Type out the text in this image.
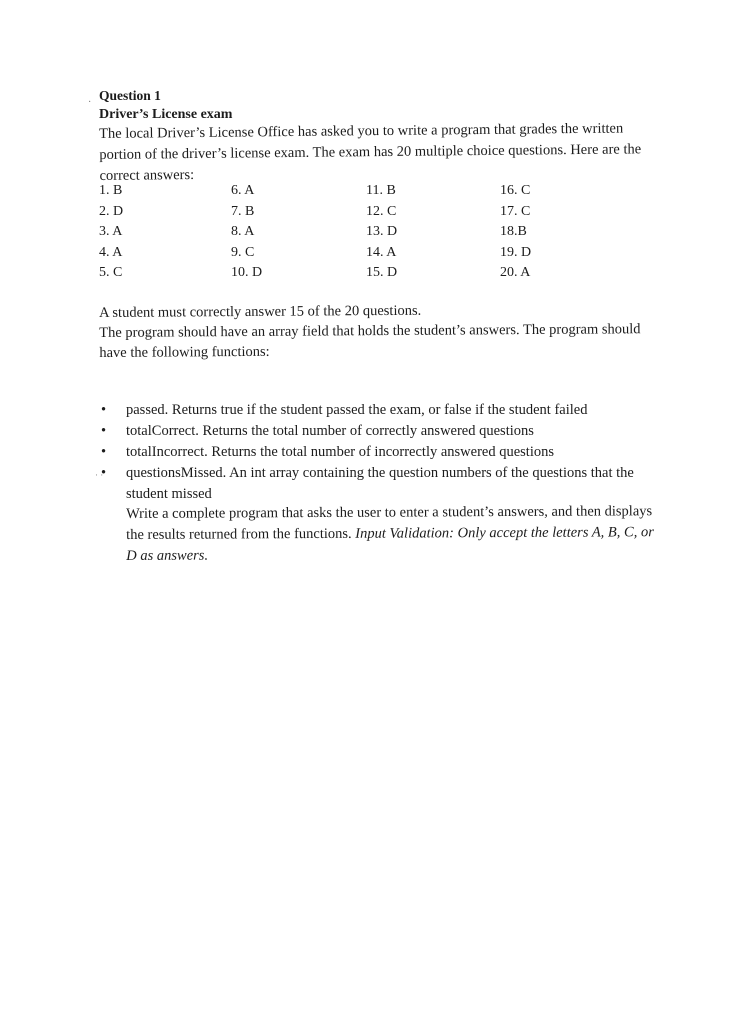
·
· ·
Question 1
Driver’s License exam
The local Driver’s License Office has asked you to write a program that grades the written portion of the driver’s license exam. The exam has 20 multiple choice questions. Here are the correct answers:
1. B
2. D
3. A
4. A
5. C
6. A
7. B
8. A
9. C
10. D
11. B
12. C
13. D
14. A
15. D
16. C
17. C
18.B
19. D
20. A
A student must correctly answer 15 of the 20 questions.
The program should have an array field that holds the student’s answers. The program should have the following functions:
• passed. Returns true if the student passed the exam, or false if the student failed
• totalCorrect. Returns the total number of correctly answered questions
• totalIncorrect. Returns the total number of incorrectly answered questions
• questionsMissed. An int array containing the question numbers of the questions that the student missed
Write a complete program that asks the user to enter a student’s answers, and then displays the results returned from the functions. Input Validation: Only accept the letters A, B, C, or D as answers.
